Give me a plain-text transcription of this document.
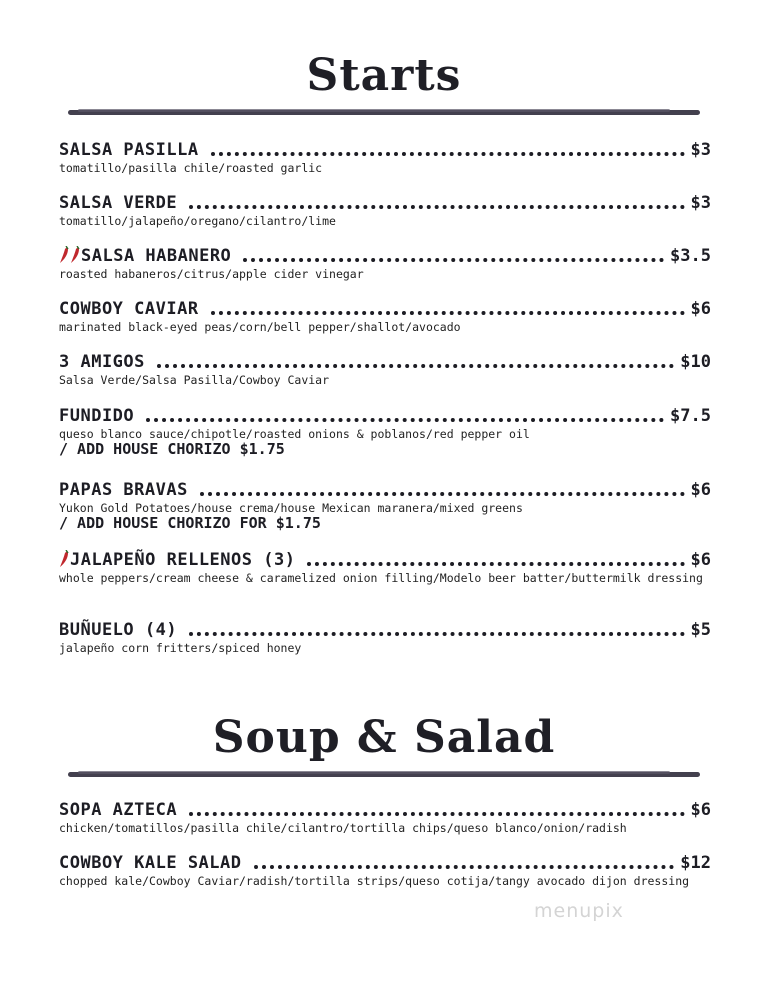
Starts
SALSA PASILLA	$3
tomatillo/pasilla chile/roasted garlic
SALSA VERDE	$3
tomatillo/jalapeño/oregano/cilantro/lime
SALSA HABANERO	$3.5
roasted habaneros/citrus/apple cider vinegar
COWBOY CAVIAR	$6
marinated black-eyed peas/corn/bell pepper/shallot/avocado
3 AMIGOS	$10
Salsa Verde/Salsa Pasilla/Cowboy Caviar
FUNDIDO	$7.5
queso blanco sauce/chipotle/roasted onions & poblanos/red pepper oil
/ ADD HOUSE CHORIZO $1.75
PAPAS BRAVAS	$6
Yukon Gold Potatoes/house crema/house Mexican maranera/mixed greens
/ ADD HOUSE CHORIZO FOR $1.75
JALAPEÑO RELLENOS (3)	$6
whole peppers/cream cheese & caramelized onion filling/Modelo beer batter/buttermilk dressing
BUÑUELO (4)	$5
jalapeño corn fritters/spiced honey
Soup & Salad
SOPA AZTECA	$6
chicken/tomatillos/pasilla chile/cilantro/tortilla chips/queso blanco/onion/radish
COWBOY KALE SALAD	$12
chopped kale/Cowboy Caviar/radish/tortilla strips/queso cotija/tangy avocado dijon dressing
menupix
